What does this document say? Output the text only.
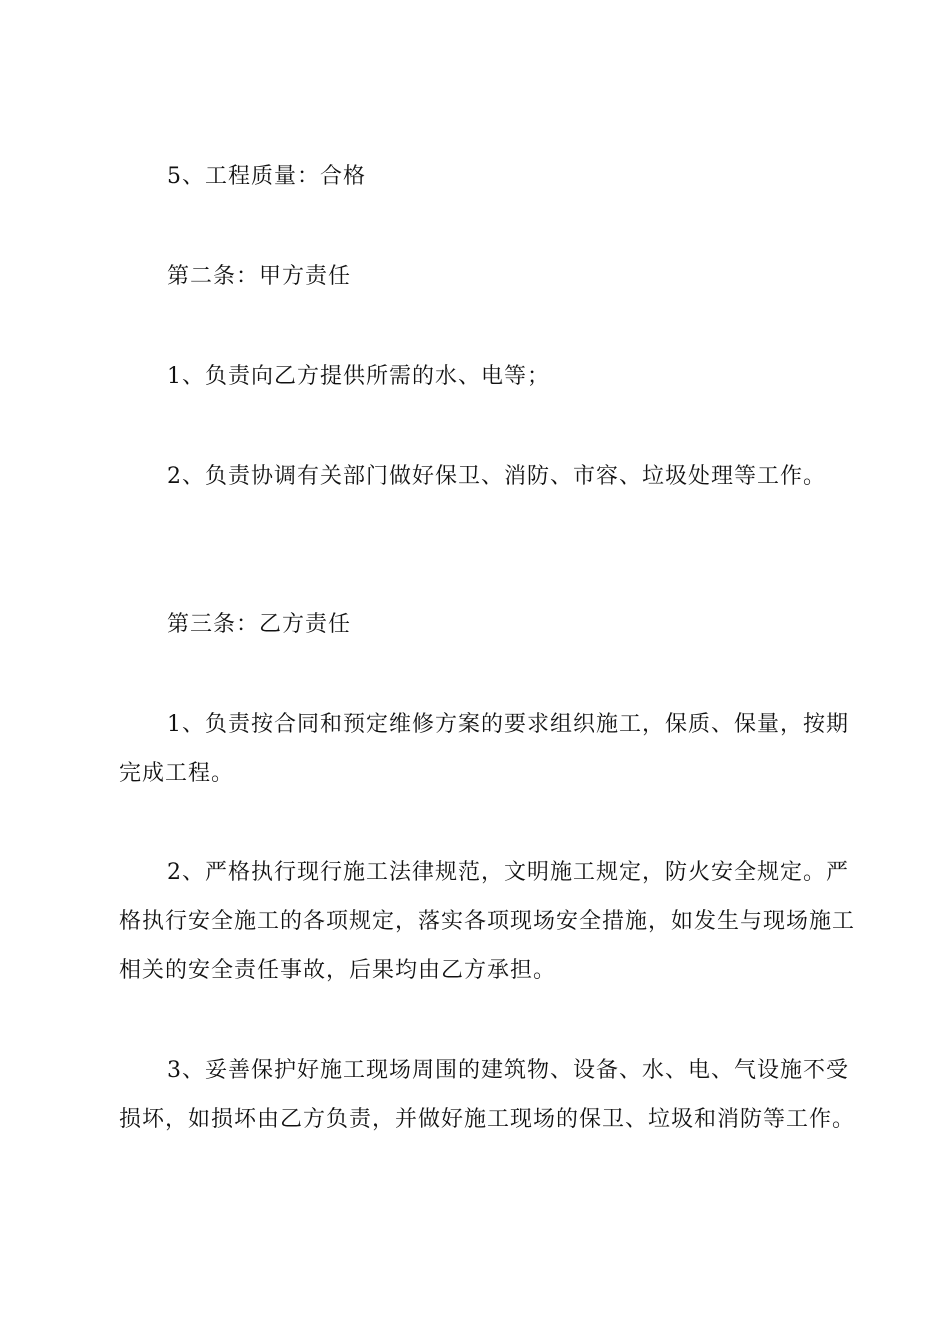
5、工程质量：合格

第二条：甲方责任

1、负责向乙方提供所需的水、电等；

2、负责协调有关部门做好保卫、消防、市容、垃圾处理等工作。

第三条：乙方责任

1、负责按合同和预定维修方案的要求组织施工，保质、保量，按期完成工程。

2、严格执行现行施工法律规范，文明施工规定，防火安全规定。严格执行安全施工的各项规定，落实各项现场安全措施，如发生与现场施工相关的安全责任事故，后果均由乙方承担。

3、妥善保护好施工现场周围的建筑物、设备、水、电、气设施不受损坏，如损坏由乙方负责，并做好施工现场的保卫、垃圾和消防等工作。
